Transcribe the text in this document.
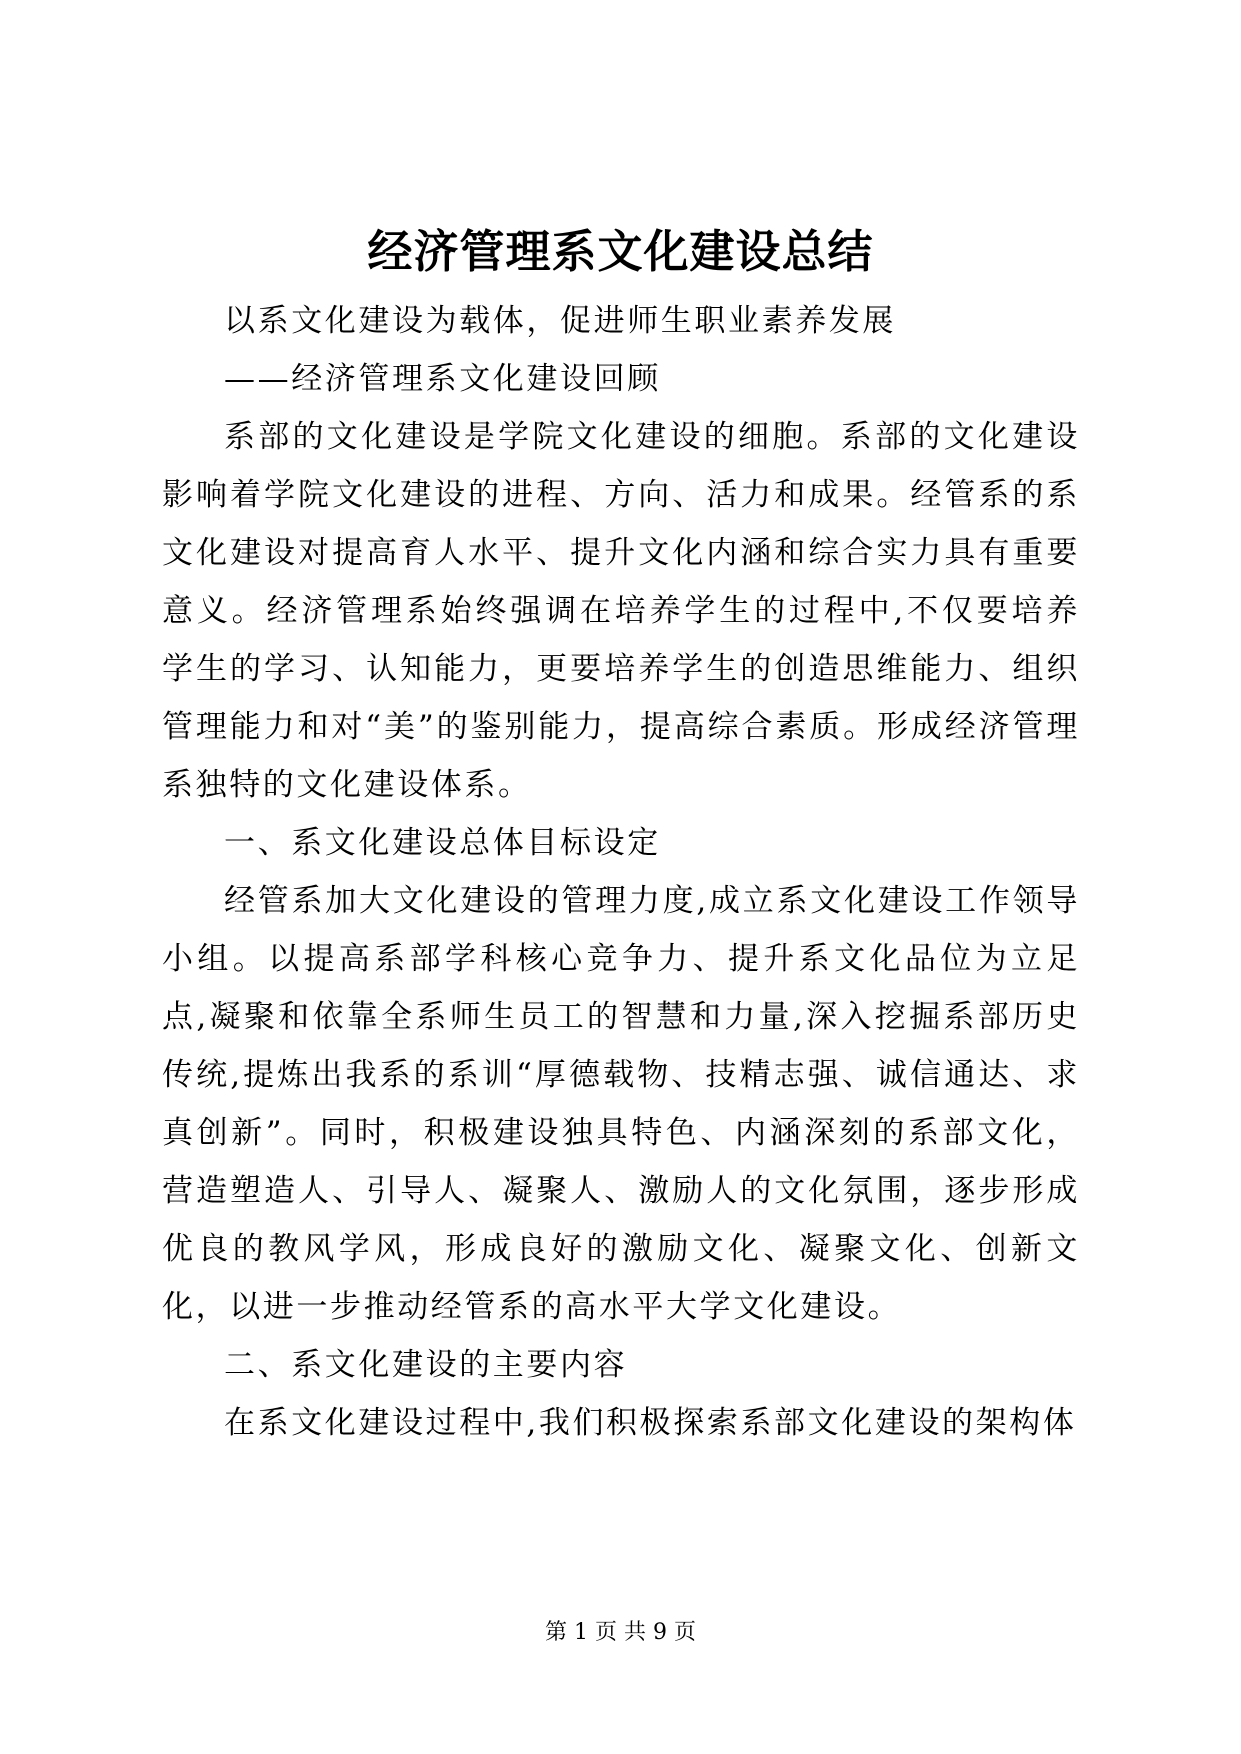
经济管理系文化建设总结

以系文化建设为载体，促进师生职业素养发展

——经济管理系文化建设回顾

系部的文化建设是学院文化建设的细胞。系部的文化建设影响着学院文化建设的进程、方向、活力和成果。经管系的系文化建设对提高育人水平、提升文化内涵和综合实力具有重要意义。经济管理系始终强调在培养学生的过程中,不仅要培养学生的学习、认知能力，更要培养学生的创造思维能力、组织管理能力和对“美”的鉴别能力，提高综合素质。形成经济管理系独特的文化建设体系。

一、系文化建设总体目标设定

经管系加大文化建设的管理力度,成立系文化建设工作领导小组。以提高系部学科核心竞争力、提升系文化品位为立足点,凝聚和依靠全系师生员工的智慧和力量,深入挖掘系部历史传统,提炼出我系的系训“厚德载物、技精志强、诚信通达、求真创新”。同时，积极建设独具特色、内涵深刻的系部文化，营造塑造人、引导人、凝聚人、激励人的文化氛围，逐步形成优良的教风学风，形成良好的激励文化、凝聚文化、创新文化，以进一步推动经管系的高水平大学文化建设。

二、系文化建设的主要内容

在系文化建设过程中,我们积极探索系部文化建设的架构体

第 1 页 共 9 页
